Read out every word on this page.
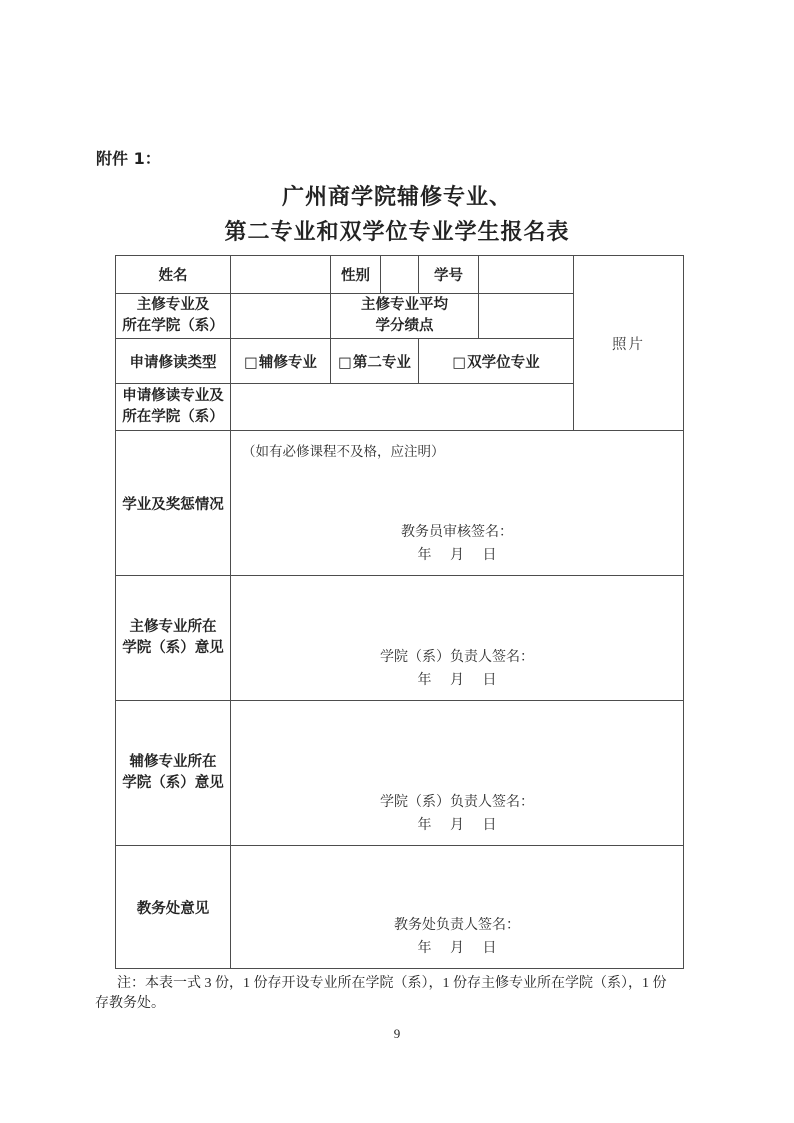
附件 1：
广州商学院辅修专业、
第二专业和双学位专业学生报名表
姓名		性别		学号		照片

主修专业及
所在学院（系）		主修专业平均
学分绩点				

申请修读类型	□辅修专业	□第二专业		□双学位专业		

申请修读专业及
所在学院（系）						

学业及奖惩情况	（如有必修课程不及格，应注明）
教务员审核签名：
年 月 日					

主修专业所在
学院（系）意见	学院（系）负责人签名：
年 月 日					

辅修专业所在
学院（系）意见	学院（系）负责人签名：
年 月 日					

教务处意见	教务处负责人签名：
年 月 日					
注：本表一式 3 份，1 份存开设专业所在学院（系），1 份存主修专业所在学院（系），1 份
存教务处。
9
